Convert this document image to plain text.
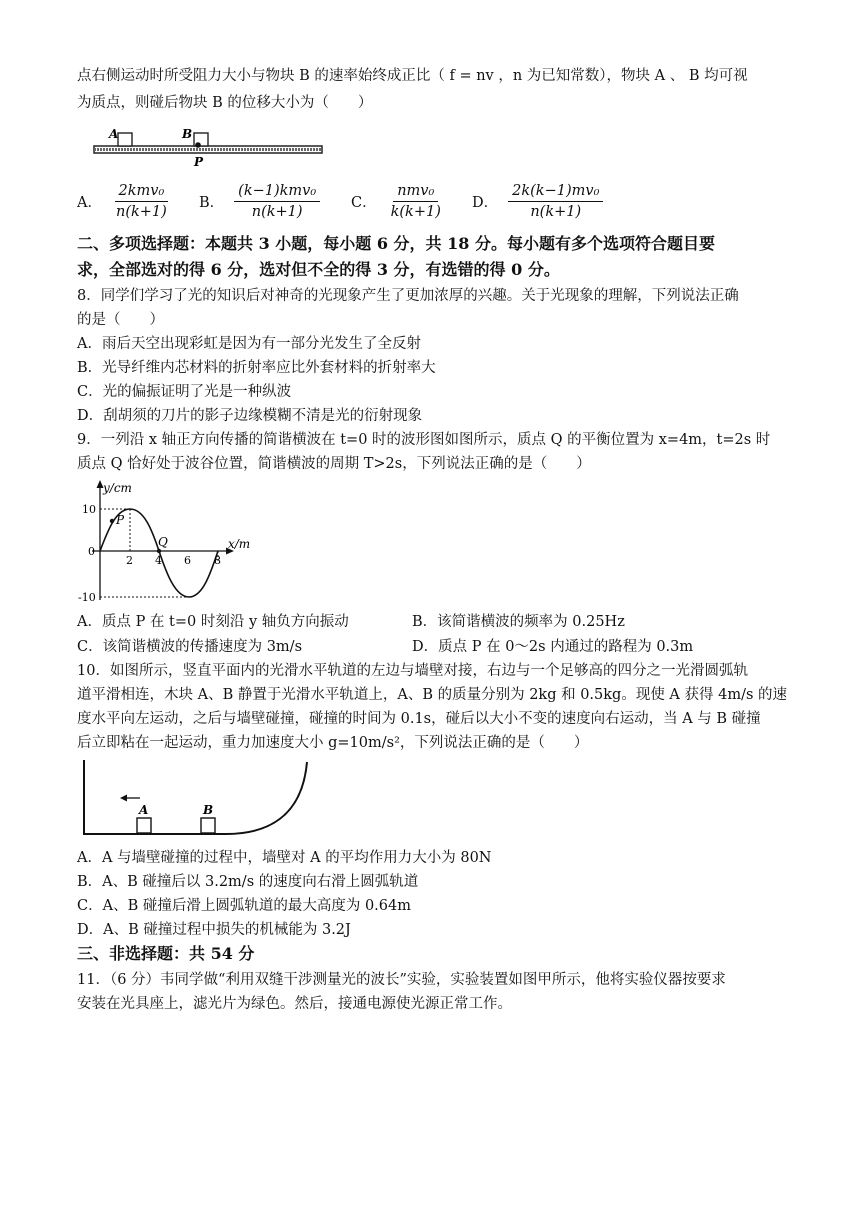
点右侧运动时所受阻力大小与物块 B 的速率始终成正比（ f = nv ，n 为已知常数），物块 A 、 B 均可视
为质点，则碰后物块 B 的位移大小为（　　）
A	B
P
A． $\frac{\text{2kmv₀}}{n(k+1)}$ B． $\frac{\text{(k−1)kmv₀}}{n(k+1)}$ C． $\frac{\text{nmv₀}}{k(k+1)}$ D． $\frac{\text{2k(k−1)mv₀}}{n(k+1)}$
二、多项选择题：本题共 3 小题，每小题 6 分，共 18 分。每小题有多个选项符合题目要
求，全部选对的得 6 分，选对但不全的得 3 分，有选错的得 0 分。
8．同学们学习了光的知识后对神奇的光现象产生了更加浓厚的兴趣。关于光现象的理解，下列说法正确
的是（　　）
A．雨后天空出现彩虹是因为有一部分光发生了全反射
B．光导纤维内芯材料的折射率应比外套材料的折射率大
C．光的偏振证明了光是一种纵波
D．刮胡须的刀片的影子边缘模糊不清是光的衍射现象
9．一列沿 x 轴正方向传播的简谐横波在 t=0 时的波形图如图所示，质点 Q 的平衡位置为 x=4m，t=2s 时
质点 Q 恰好处于波谷位置，简谐横波的周期 T>2s，下列说法正确的是（　　）
y/cm
x/m
P
Q
10
0
-10
2 4 6 8
A．质点 P 在 t=0 时刻沿 y 轴负方向振动	B．该简谐横波的频率为 0.25Hz
C．该简谐横波的传播速度为 3m/s	D．质点 P 在 0～2s 内通过的路程为 0.3m
10．如图所示，竖直平面内的光滑水平轨道的左边与墙壁对接，右边与一个足够高的四分之一光滑圆弧轨
道平滑相连，木块 A、B 静置于光滑水平轨道上，A、B 的质量分别为 2kg 和 0.5kg。现使 A 获得 4m/s 的速
度水平向左运动，之后与墙壁碰撞，碰撞的时间为 0.1s，碰后以大小不变的速度向右运动，当 A 与 B 碰撞
后立即粘在一起运动，重力加速度大小 g=10m/s²，下列说法正确的是（　　）
A	B
A．A 与墙壁碰撞的过程中，墙壁对 A 的平均作用力大小为 80N
B．A、B 碰撞后以 3.2m/s 的速度向右滑上圆弧轨道
C．A、B 碰撞后滑上圆弧轨道的最大高度为 0.64m
D．A、B 碰撞过程中损失的机械能为 3.2J
三、非选择题：共 54 分
11．（6 分）韦同学做“利用双缝干涉测量光的波长”实验，实验装置如图甲所示，他将实验仪器按要求
安装在光具座上，滤光片为绿色。然后，接通电源使光源正常工作。
